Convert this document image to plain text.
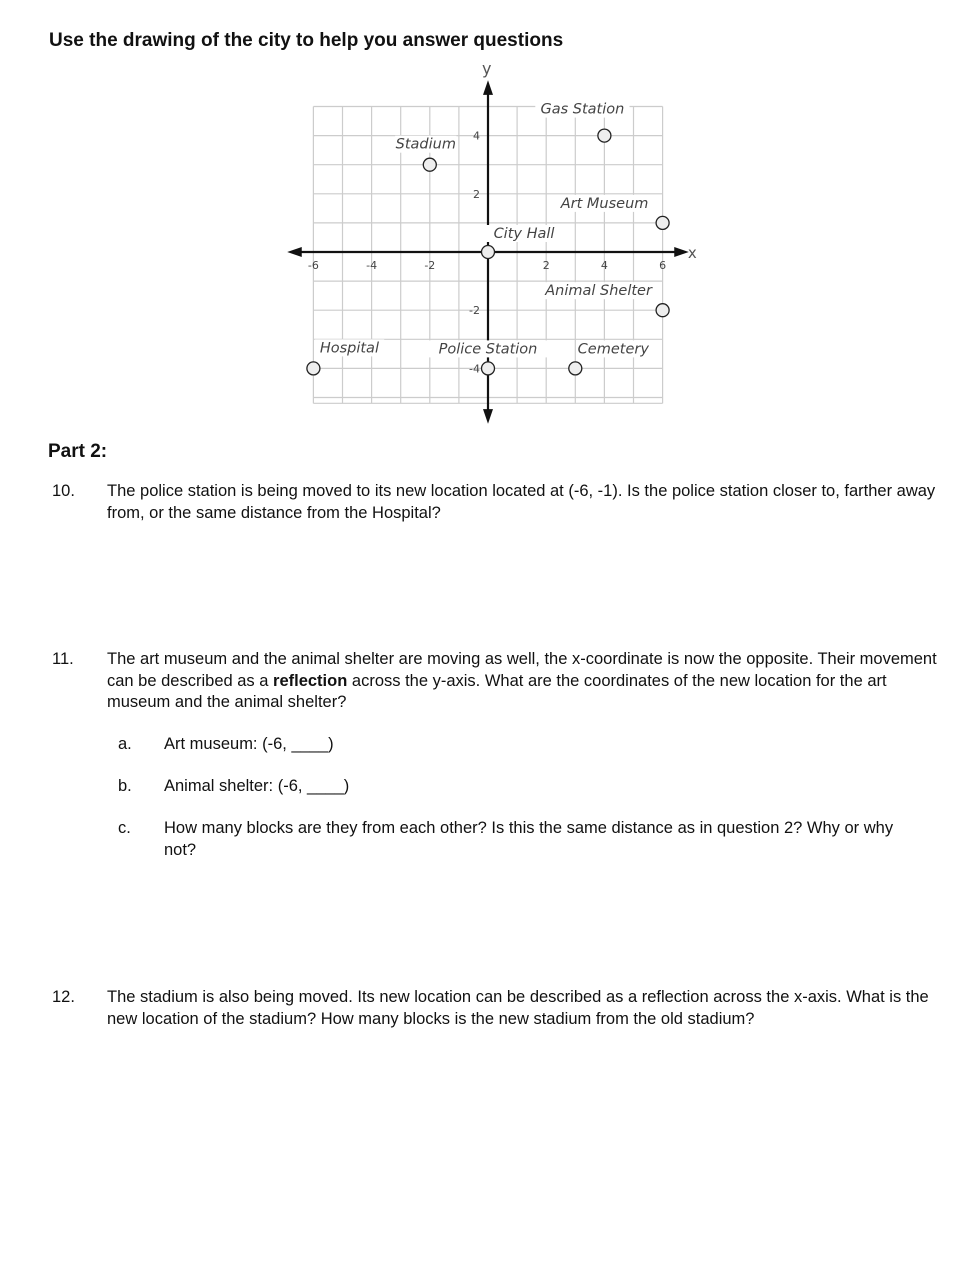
Use the drawing of the city to help you answer questions
x
y
-6	-4	-2	2	4	6
4
2
-2
-4
Gas Station
Stadium
Art Museum
City Hall
Animal Shelter
Hospital	Police Station	Cemetery
Part 2:
10. The police station is being moved to its new location located at (-6, -1). Is the police station closer to, farther away from, or the same distance from the Hospital?
11. The art museum and the animal shelter are moving as well, the x-coordinate is now the opposite. Their movement can be described as a reflection across the y-axis. What are the coordinates of the new location for the art museum and the animal shelter?
a. Art museum: (-6, ____)
b. Animal shelter: (-6, ____)
c. How many blocks are they from each other? Is this the same distance as in question 2? Why or why not?
12. The stadium is also being moved. Its new location can be described as a reflection across the x-axis. What is the new location of the stadium? How many blocks is the new stadium from the old stadium?
